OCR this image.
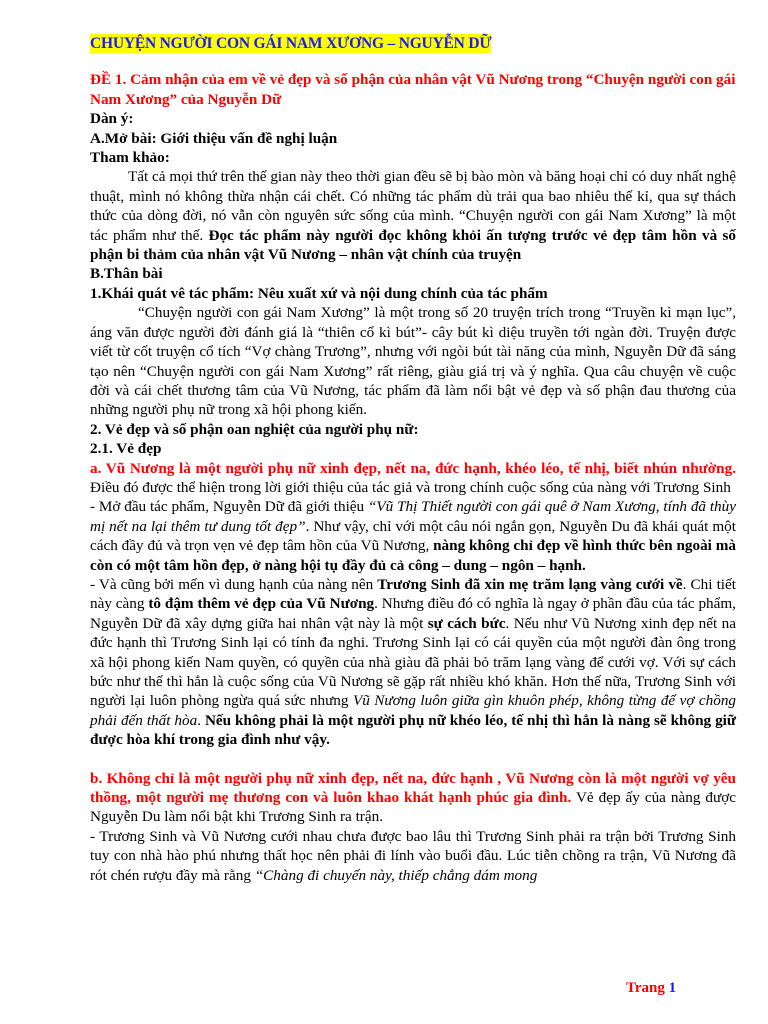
CHUYỆN NGƯỜI CON GÁI NAM XƯƠNG – NGUYỄN DỮ

ĐỀ 1. Cảm nhận của em về vẻ đẹp và số phận của nhân vật Vũ Nương trong “Chuyện người con gái Nam Xương” của Nguyễn Dữ

Dàn ý:

A.Mở bài: Giới thiệu vấn đề nghị luận

Tham khảo:

Tất cả mọi thứ trên thế gian này theo thời gian đều sẽ bị bào mòn và băng hoại chỉ có duy nhất nghệ thuật, mình nó không thừa nhận cái chết. Có những tác phẩm dù trải qua bao nhiêu thế kỉ, qua sự thách thức của dòng đời, nó vẫn còn nguyên sức sống của mình. “Chuyện người con gái Nam Xương” là một tác phẩm như thế. Đọc tác phẩm này người đọc không khỏi ấn tượng trước vẻ đẹp tâm hồn và số phận bi thảm của nhân vật Vũ Nương – nhân vật chính của truyện

B.Thân bài

1.Khái quát vê tác phẩm: Nêu xuất xứ và nội dung chính của tác phẩm

“Chuyện người con gái Nam Xương” là một trong số 20 truyện trích trong “Truyền kì mạn lục”, áng văn được người đời đánh giá là “thiên cổ kì bút”- cây bút kì diệu truyền tới ngàn đời. Truyện được viết từ cốt truyện cổ tích “Vợ chàng Trương”, nhưng với ngòi bút tài năng của mình, Nguyễn Dữ đã sáng tạo nên “Chuyện người con gái Nam Xương” rất riêng, giàu giá trị và ý nghĩa. Qua câu chuyện về cuộc đời và cái chết thương tâm của Vũ Nương, tác phẩm đã làm nổi bật vẻ đẹp và số phận đau thương của những người phụ nữ trong xã hội phong kiến.

2. Vẻ đẹp và số phận oan nghiệt của người phụ nữ:

2.1. Vẻ đẹp

a. Vũ Nương là một người phụ nữ xinh đẹp, nết na, đức hạnh, khéo léo, tế nhị, biết nhún nhường. Điều đó được thể hiện trong lời giới thiệu của tác giả và trong chính cuộc sống của nàng với Trương Sinh

- Mở đầu tác phẩm, Nguyễn Dữ đã giới thiệu “Vũ Thị Thiết người con gái quê ở Nam Xương, tính đã thùy mị nết na lại thêm tư dung tốt đẹp”. Như vậy, chỉ với một câu nói ngắn gọn, Nguyễn Du đã khái quát một cách đầy đủ và trọn vẹn vẻ đẹp tâm hồn của Vũ Nương, nàng không chỉ đẹp về hình thức bên ngoài mà còn có một tâm hồn đẹp, ở nàng hội tụ đầy đủ cả công – dung – ngôn – hạnh.

- Và cũng bởi mến vì dung hạnh của nàng nên Trương Sinh đã xin mẹ trăm lạng vàng cưới về. Chi tiết này càng tô đậm thêm vẻ đẹp của Vũ Nương. Nhưng điều đó có nghĩa là ngay ở phần đầu của tác phẩm, Nguyễn Dữ đã xây dựng giữa hai nhân vật này là một sự cách bức. Nếu như Vũ Nương xinh đẹp nết na đức hạnh thì Trương Sinh lại có tính đa nghi. Trương Sinh lại có cái quyền của một người đàn ông trong xã hội phong kiến Nam quyền, có quyền của nhà giàu đã phải bỏ trăm lạng vàng để cưới vợ. Với sự cách bức như thế thì hẳn là cuộc sống của Vũ Nương sẽ gặp rất nhiều khó khăn. Hơn thế nữa, Trương Sinh với người lại luôn phòng ngừa quá sức nhưng Vũ Nương luôn giữa gìn khuôn phép, không từng để vợ chồng phải đến thất hòa. Nếu không phải là một người phụ nữ khéo léo, tế nhị thì hẳn là nàng sẽ không giữ được hòa khí trong gia đình như vậy.

b. Không chỉ là một người phụ nữ xinh đẹp, nết na, đức hạnh , Vũ Nương còn là một người vợ yêu thồng, một người mẹ thương con và luôn khao khát hạnh phúc gia đình. Vẻ đẹp ấy của nàng được Nguyễn Du làm nổi bật khi Trương Sinh ra trận.

- Trương Sinh và Vũ Nương cưới nhau chưa được bao lâu thì Trương Sinh phải ra trận bởi Trương Sinh tuy con nhà hào phú nhưng thất học nên phải đi lính vào buổi đầu. Lúc tiễn chồng ra trận, Vũ Nương đã rót chén rượu đầy mà rằng “Chàng đi chuyến này, thiếp chẳng dám mong

Trang 1
